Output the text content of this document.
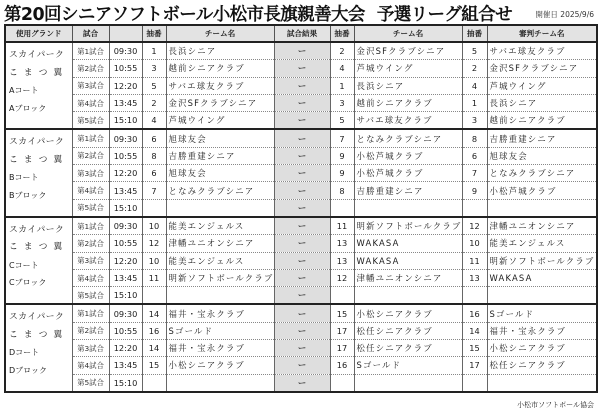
第20回シニアソフトボール小松市長旗親善大会 予選リーグ組合せ	開催日 2025/9/6
使用グランド	試合		抽番	チーム名	試合結果	抽番	チーム名	抽番	審判チーム名

スカイパーク
こまつ翼
Aコート
Aブロック	第1試合	09:30	1	長浜シニア	ー	2	金沢SFクラブシニア	5	サバエ球友クラブ
	第2試合	10:55	3	越前シニアクラブ	ー	4	芦城ウイング	2	金沢SFクラブシニア
	第3試合	12:20	5	サバエ球友クラブ	ー	1	長浜シニア	4	芦城ウイング
	第4試合	13:45	2	金沢SFクラブシニア	ー	3	越前シニアクラブ	1	長浜シニア
	第5試合	15:10	4	芦城ウイング	ー	5	サバエ球友クラブ	3	越前シニアクラブ

スカイパーク
こまつ翼
Bコート
Bブロック	第1試合	09:30	6	旭球友会	ー	7	となみクラブシニア	8	吉勝重建シニア
	第2試合	10:55	8	吉勝重建シニア	ー	9	小松芦城クラブ	6	旭球友会
	第3試合	12:20	6	旭球友会	ー	9	小松芦城クラブ	7	となみクラブシニア
	第4試合	13:45	7	となみクラブシニア	ー	8	吉勝重建シニア	9	小松芦城クラブ
	第5試合	15:10			ー				

スカイパーク
こまつ翼
Cコート
Cブロック	第1試合	09:30	10	能美エンジェルス	ー	11	明新ソフトボールクラブ	12	津幡ユニオンシニア
	第2試合	10:55	12	津幡ユニオンシニア	ー	13	WAKASA	10	能美エンジェルス
	第3試合	12:20	10	能美エンジェルス	ー	13	WAKASA	11	明新ソフトボールクラブ
	第4試合	13:45	11	明新ソフトボールクラブ	ー	12	津幡ユニオンシニア	13	WAKASA
	第5試合	15:10			ー				

スカイパーク
こまつ翼
Dコート
Dブロック	第1試合	09:30	14	福井・宝永クラブ	ー	15	小松シニアクラブ	16	Sゴールド
	第2試合	10:55	16	Sゴールド	ー	17	松任シニアクラブ	14	福井・宝永クラブ
	第3試合	12:20	14	福井・宝永クラブ	ー	17	松任シニアクラブ	15	小松シニアクラブ
	第4試合	13:45	15	小松シニアクラブ	ー	16	Sゴールド	17	松任シニアクラブ
	第5試合	15:10			ー				
小松市ソフトボール協会
